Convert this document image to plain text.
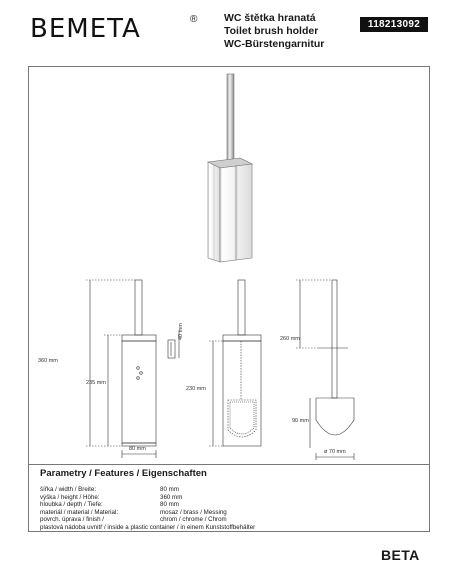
BEMETA	®	WC štětka hranatá
Toilet brush holder
WC-Bürstengarnitur
118213092
360 mm
235 mm
80 mm
40 mm
230 mm
260 mm
90 mm
ø 70 mm
Parametry / Features / Eigenschaften
šířka / width / Breite:	80 mm
výška / height / Höhe:	360 mm
hloubka / depth / Tiefe:	80 mm
materiál / material / Material:	mosaz / brass / Messing
povrch. úprava / finish /	chrom / chrome / Chrom
plastová nádoba uvnitř / inside a plastic container / in einem Kunststoffbehälter
BETA
